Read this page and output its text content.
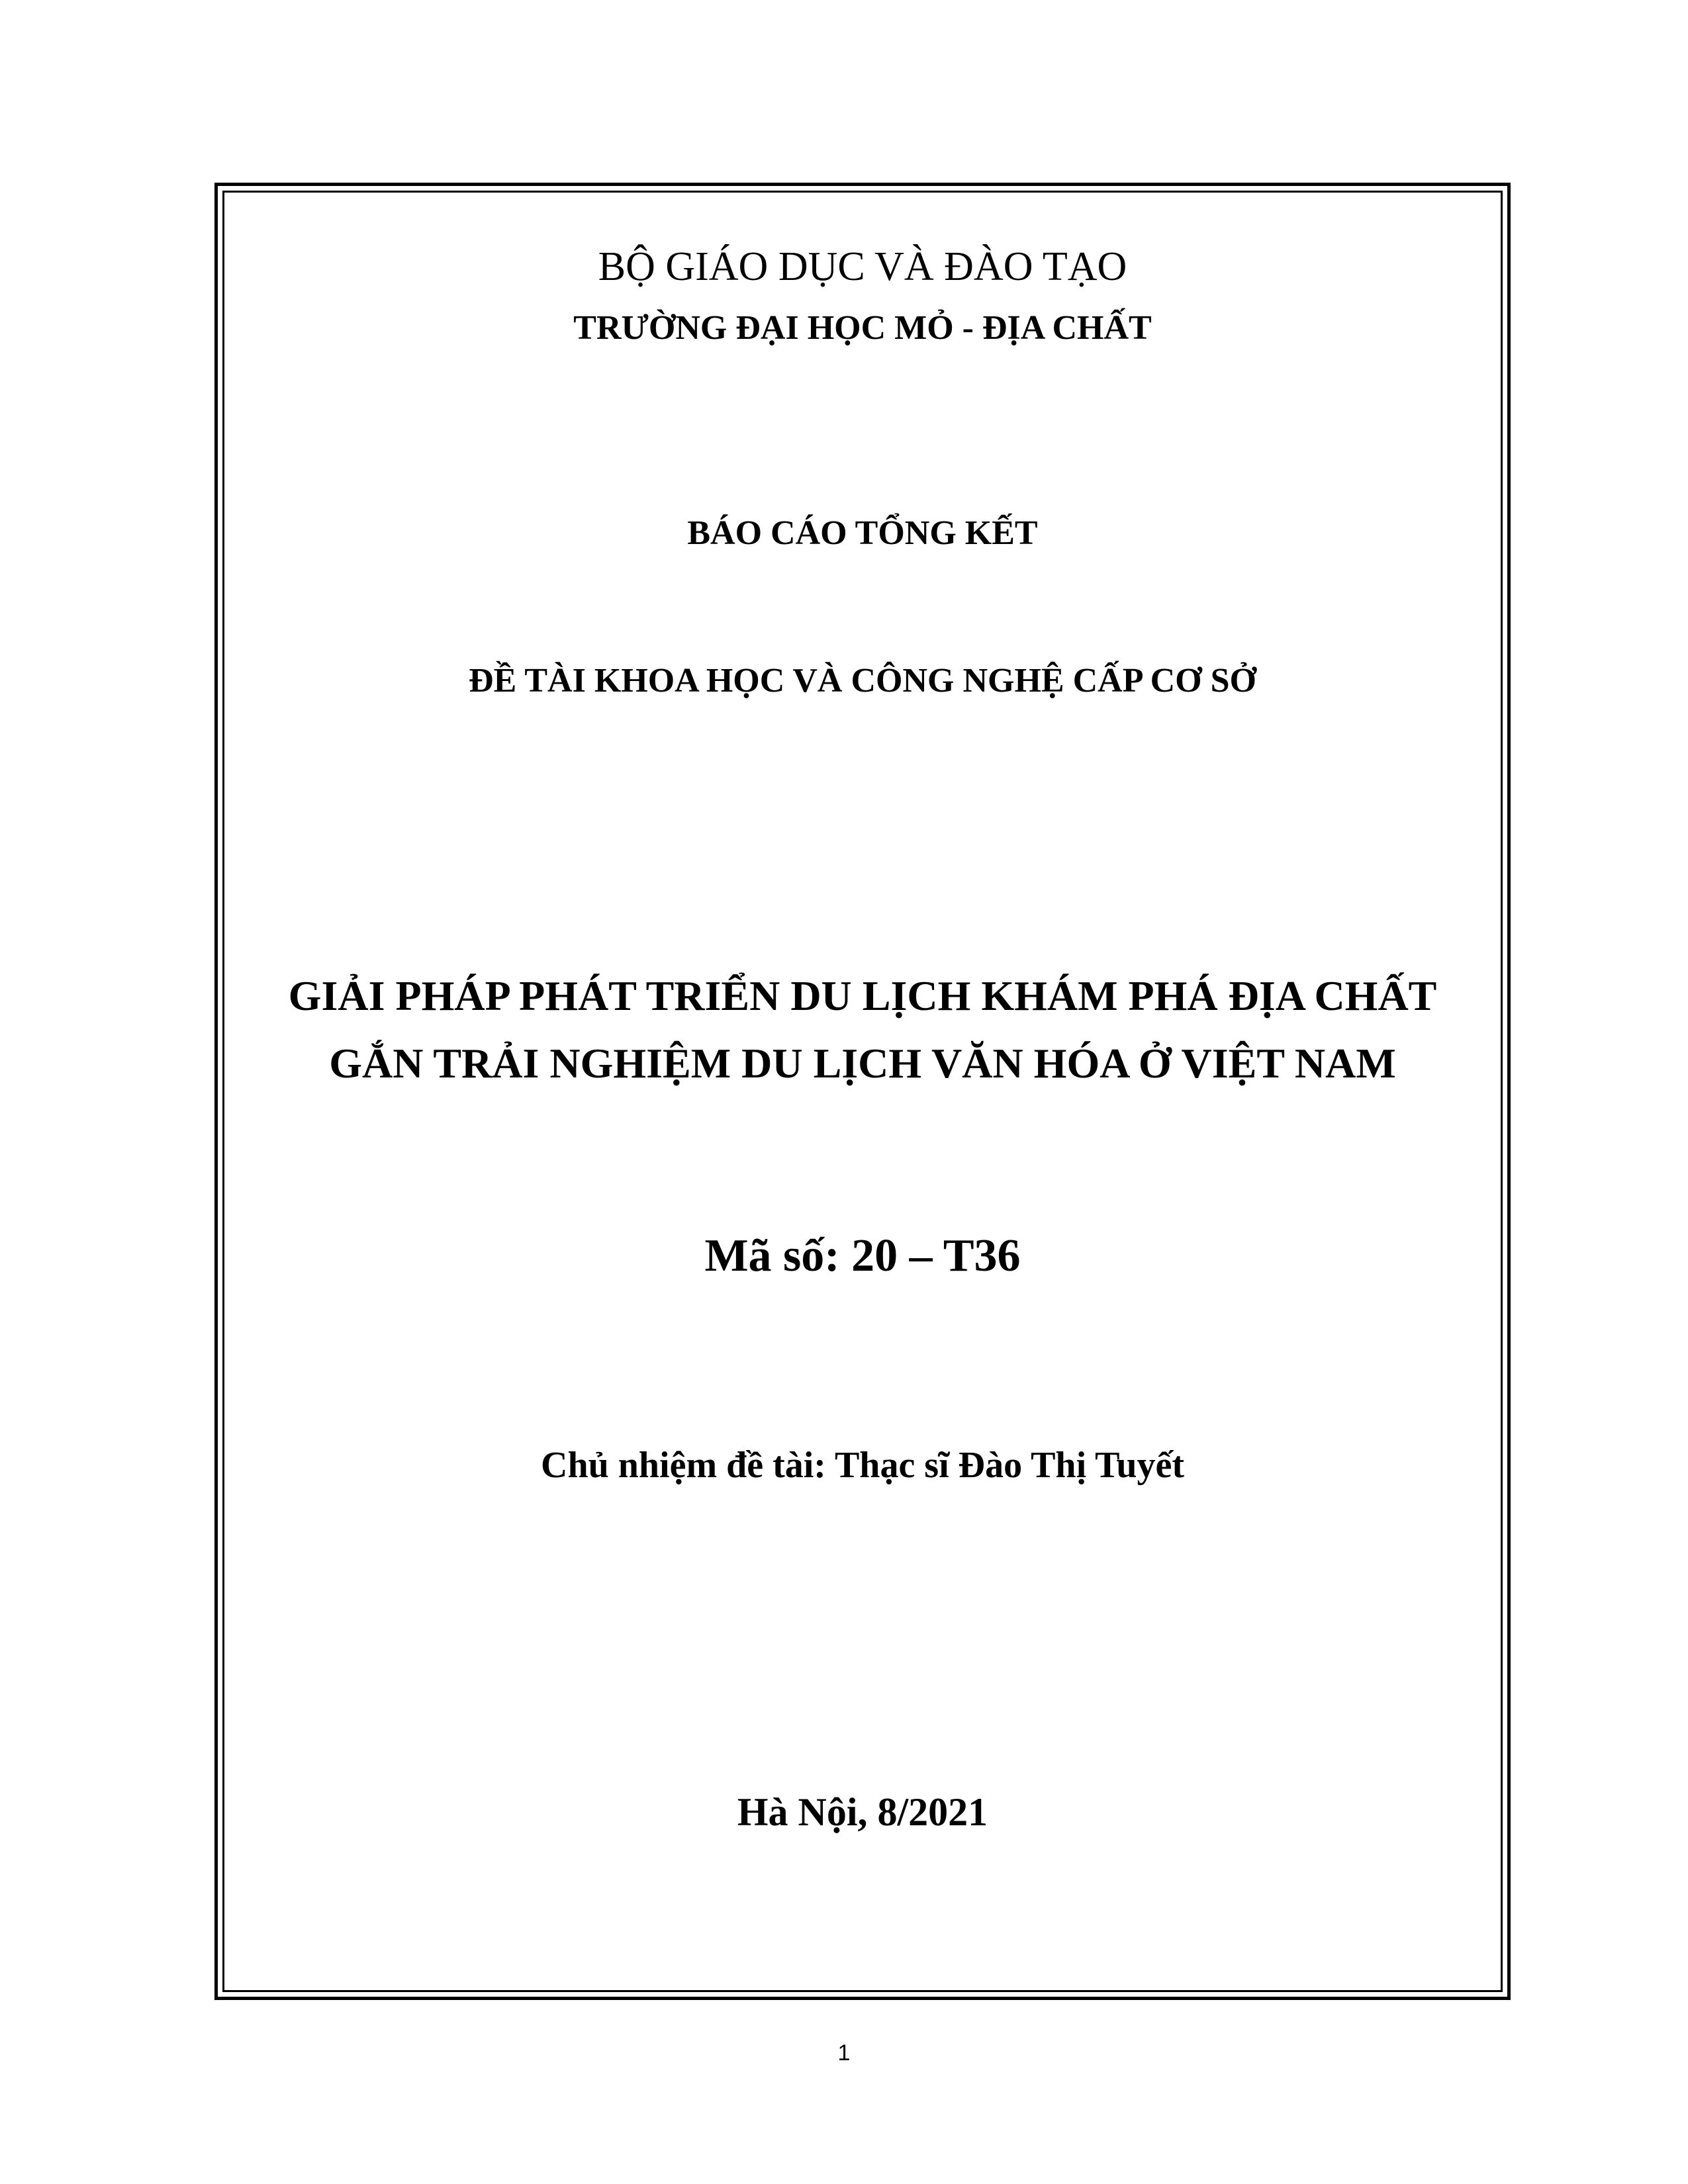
BỘ GIÁO DỤC VÀ ĐÀO TẠO
TRƯỜNG ĐẠI HỌC MỎ - ĐỊA CHẤT
BÁO CÁO TỔNG KẾT
ĐỀ TÀI KHOA HỌC VÀ CÔNG NGHỆ CẤP CƠ SỞ
GIẢI PHÁP PHÁT TRIỂN DU LỊCH KHÁM PHÁ ĐỊA CHẤT
GẮN TRẢI NGHIỆM DU LỊCH VĂN HÓA Ở VIỆT NAM
Mã số: 20 – T36
Chủ nhiệm đề tài: Thạc sĩ Đào Thị Tuyết
Hà Nội, 8/2021
1
